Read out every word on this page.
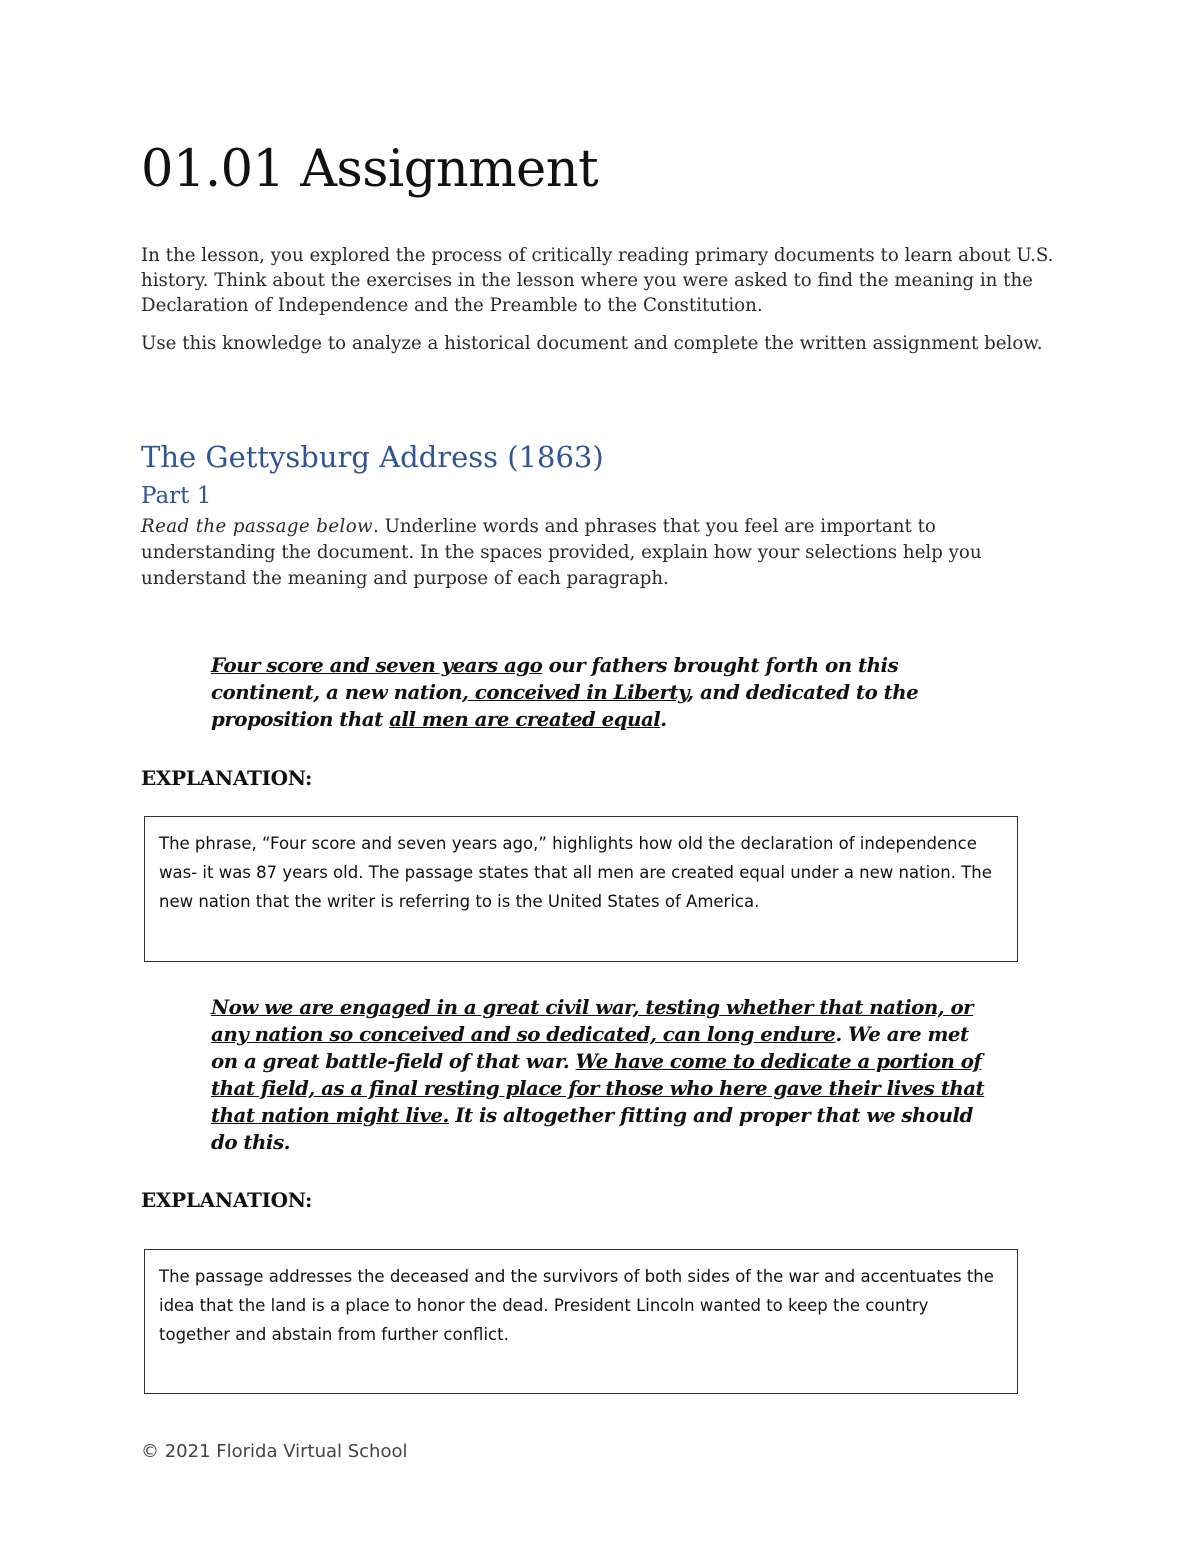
01.01 Assignment

In the lesson, you explored the process of critically reading primary documents to learn about U.S. history. Think about the exercises in the lesson where you were asked to find the meaning in the Declaration of Independence and the Preamble to the Constitution.

Use this knowledge to analyze a historical document and complete the written assignment below.

The Gettysburg Address (1863)
Part 1

Read the passage below. Underline words and phrases that you feel are important to understanding the document. In the spaces provided, explain how your selections help you understand the meaning and purpose of each paragraph.

Four score and seven years ago our fathers brought forth on this continent, a new nation, conceived in Liberty, and dedicated to the proposition that all men are created equal.

EXPLANATION:

The phrase, “Four score and seven years ago,” highlights how old the declaration of independence was- it was 87 years old. The passage states that all men are created equal under a new nation. The new nation that the writer is referring to is the United States of America.

Now we are engaged in a great civil war, testing whether that nation, or any nation so conceived and so dedicated, can long endure. We are met on a great battle-field of that war. We have come to dedicate a portion of that field, as a final resting place for those who here gave their lives that that nation might live. It is altogether fitting and proper that we should do this.

EXPLANATION:

The passage addresses the deceased and the survivors of both sides of the war and accentuates the idea that the land is a place to honor the dead. President Lincoln wanted to keep the country together and abstain from further conflict.

© 2021 Florida Virtual School
